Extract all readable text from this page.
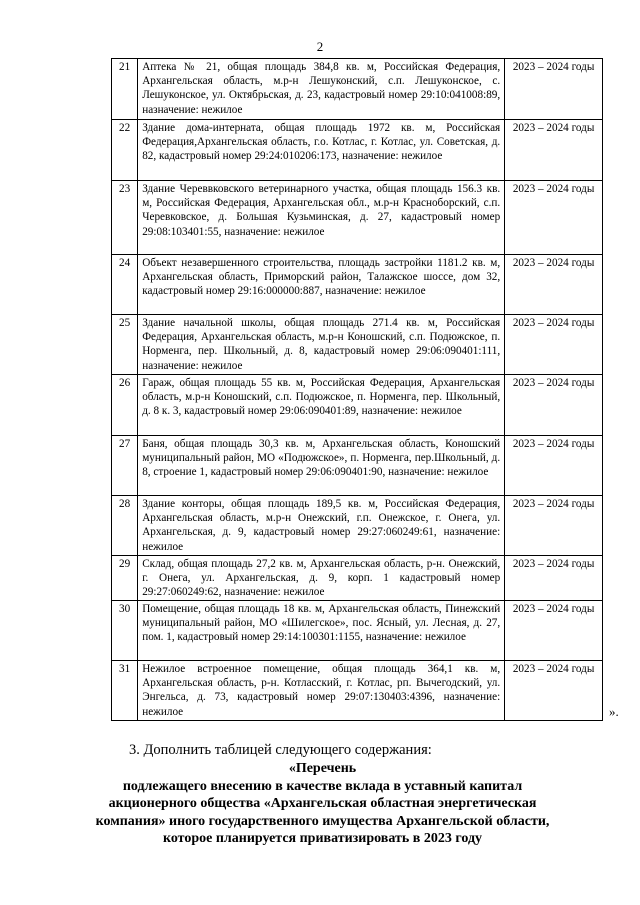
2
21	Аптека № 21, общая площадь 384,8 кв. м, Российская Федерация, Архангельская область, м.р-н Лешуконский, с.п. Лешуконское, с. Лешуконское, ул. Октябрьская, д. 23, кадастровый номер 29:10:041008:89, назначение: нежилое	2023 – 2024 годы
22	Здание дома-интерната, общая площадь 1972 кв. м, Российская Федерация,Архангельская область, г.о. Котлас, г. Котлас, ул. Советская, д. 82, кадастровый номер 29:24:010206:173, назначение: нежилое	2023 – 2024 годы
23	Здание Череввковского ветеринарного участка, общая площадь 156.3 кв. м, Российская Федерация, Архангельская обл., м.р-н Красноборский, с.п. Черевковское, д. Большая Кузьминская, д. 27, кадастровый номер 29:08:103401:55, назначение: нежилое	2023 – 2024 годы
24	Объект незавершенного строительства, площадь застройки 1181.2 кв. м, Архангельская область, Приморский район, Талажское шоссе, дом 32, кадастровый номер 29:16:000000:887, назначение: нежилое	2023 – 2024 годы
25	Здание начальной школы, общая площадь 271.4 кв. м, Российская Федерация, Архангельская область, м.р-н Коношский, с.п. Подюжское, п. Норменга, пер. Школьный, д. 8, кадастровый номер 29:06:090401:111, назначение: нежилое	2023 – 2024 годы
26	Гараж, общая площадь 55 кв. м, Российская Федерация, Архангельская область, м.р-н Коношский, с.п. Подюжское, п. Норменга, пер. Школьный, д. 8 к. 3, кадастровый номер 29:06:090401:89, назначение: нежилое	2023 – 2024 годы
27	Баня, общая площадь 30,3 кв. м, Архангельская область, Коношский муниципальный район, МО «Подюжское», п. Норменга, пер.Школьный, д. 8, строение 1, кадастровый номер 29:06:090401:90, назначение: нежилое	2023 – 2024 годы
28	Здание конторы, общая площадь 189,5 кв. м, Российская Федерация, Архангельская область, м.р-н Онежский, г.п. Онежское, г. Онега, ул. Архангельская, д. 9, кадастровый номер 29:27:060249:61, назначение: нежилое	2023 – 2024 годы
29	Склад, общая площадь 27,2 кв. м, Архангельская область, р-н. Онежский, г. Онега, ул. Архангельская, д. 9, корп. 1 кадастровый номер 29:27:060249:62, назначение: нежилое	2023 – 2024 годы
30	Помещение, общая площадь 18 кв. м, Архангельская область, Пинежский муниципальный район, МО «Шилегское», пос. Ясный, ул. Лесная, д. 27, пом. 1, кадастровый номер 29:14:100301:1155, назначение: нежилое	2023 – 2024 годы
31	Нежилое встроенное помещение, общая площадь 364,1 кв. м, Архангельская область, р-н. Котласский, г. Котлас, рп. Вычегодский, ул. Энгельса, д. 73, кадастровый номер 29:07:130403:4396, назначение: нежилое	2023 – 2024 годы
».
3. Дополнить таблицей следующего содержания:
«Перечень
подлежащего внесению в качестве вклада в уставный капитал
акционерного общества «Архангельская областная энергетическая
компания» иного государственного имущества Архангельской области,
которое планируется приватизировать в 2023 году
